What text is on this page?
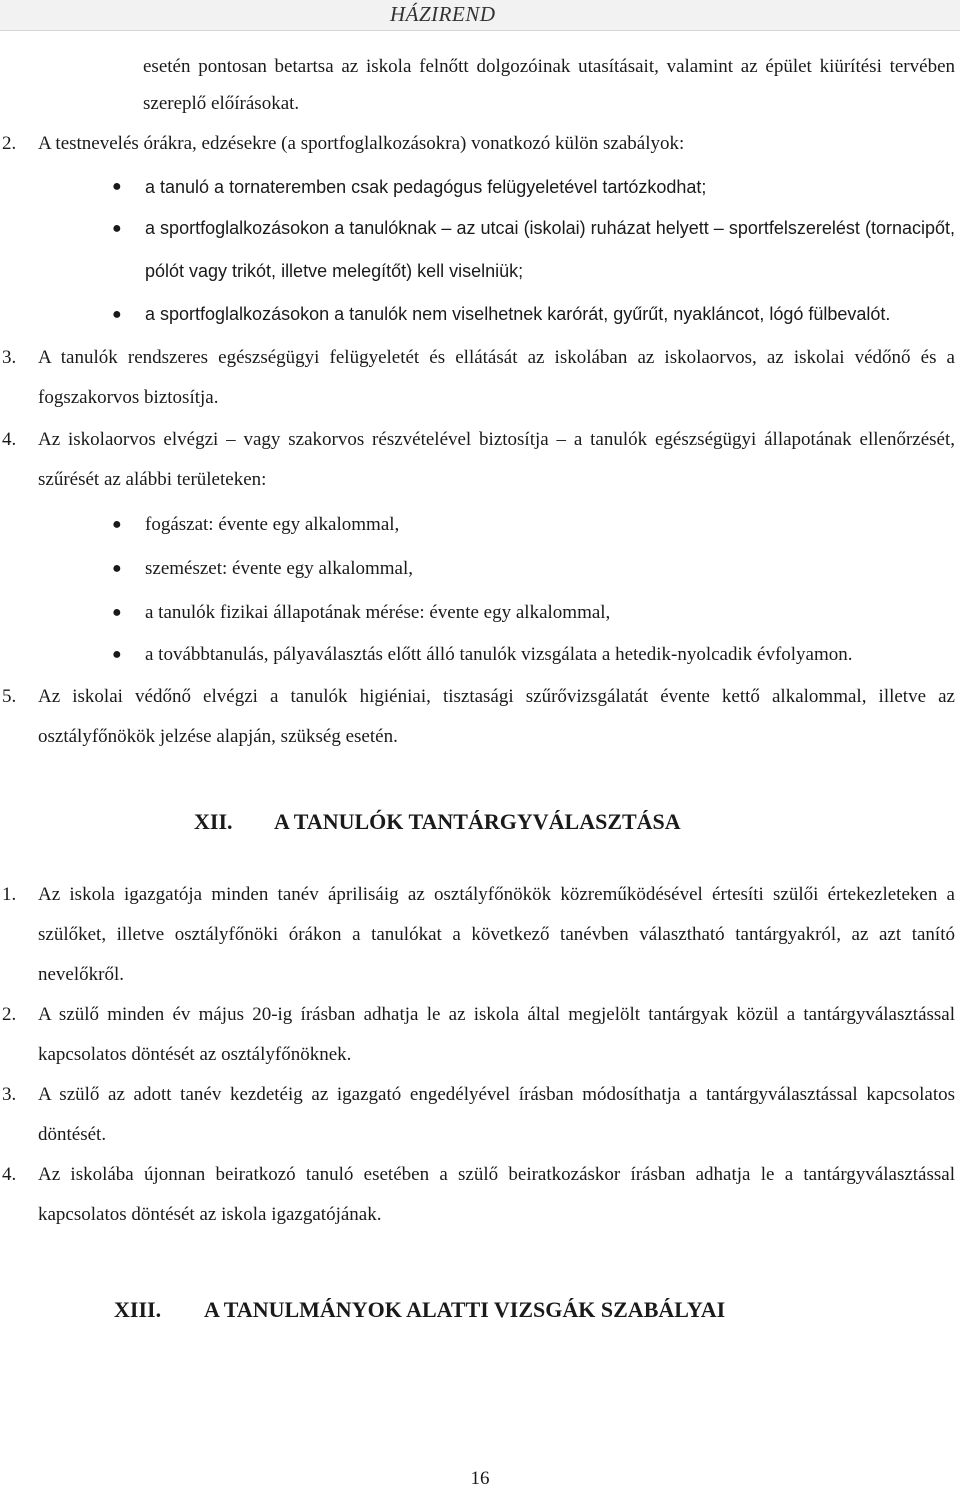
HÁZIREND

esetén pontosan betartsa az iskola felnőtt dolgozóinak utasításait, valamint az épület kiürítési tervében szereplő előírásokat.

2. A testnevelés órákra, edzésekre (a sportfoglalkozásokra) vonatkozó külön szabályok:
● a tanuló a tornateremben csak pedagógus felügyeletével tartózkodhat;
● a sportfoglalkozásokon a tanulóknak – az utcai (iskolai) ruházat helyett – sportfelszerelést (tornacipőt, pólót vagy trikót, illetve melegítőt) kell viselniük;
● a sportfoglalkozásokon a tanulók nem viselhetnek karórát, gyűrűt, nyakláncot, lógó fülbevalót.
3. A tanulók rendszeres egészségügyi felügyeletét és ellátását az iskolában az iskolaorvos, az iskolai védőnő és a fogszakorvos biztosítja.
4. Az iskolaorvos elvégzi – vagy szakorvos részvételével biztosítja – a tanulók egészségügyi állapotának ellenőrzését, szűrését az alábbi területeken:
● fogászat: évente egy alkalommal,
● szemészet: évente egy alkalommal,
● a tanulók fizikai állapotának mérése: évente egy alkalommal,
● a továbbtanulás, pályaválasztás előtt álló tanulók vizsgálata a hetedik-nyolcadik évfolyamon.
5. Az iskolai védőnő elvégzi a tanulók higiéniai, tisztasági szűrővizsgálatát évente kettő alkalommal, illetve az osztályfőnökök jelzése alapján, szükség esetén.
XII. A TANULÓK TANTÁRGYVÁLASZTÁSA
1. Az iskola igazgatója minden tanév áprilisáig az osztályfőnökök közreműködésével értesíti szülői értekezleteken a szülőket, illetve osztályfőnöki órákon a tanulókat a következő tanévben választható tantárgyakról, az azt tanító nevelőkről.
2. A szülő minden év május 20-ig írásban adhatja le az iskola által megjelölt tantárgyak közül a tantárgyválasztással kapcsolatos döntését az osztályfőnöknek.
3. A szülő az adott tanév kezdetéig az igazgató engedélyével írásban módosíthatja a tantárgyválasztással kapcsolatos döntését.
4. Az iskolába újonnan beiratkozó tanuló esetében a szülő beiratkozáskor írásban adhatja le a tantárgyválasztással kapcsolatos döntését az iskola igazgatójának.
XIII. A TANULMÁNYOK ALATTI VIZSGÁK SZABÁLYAI
16
